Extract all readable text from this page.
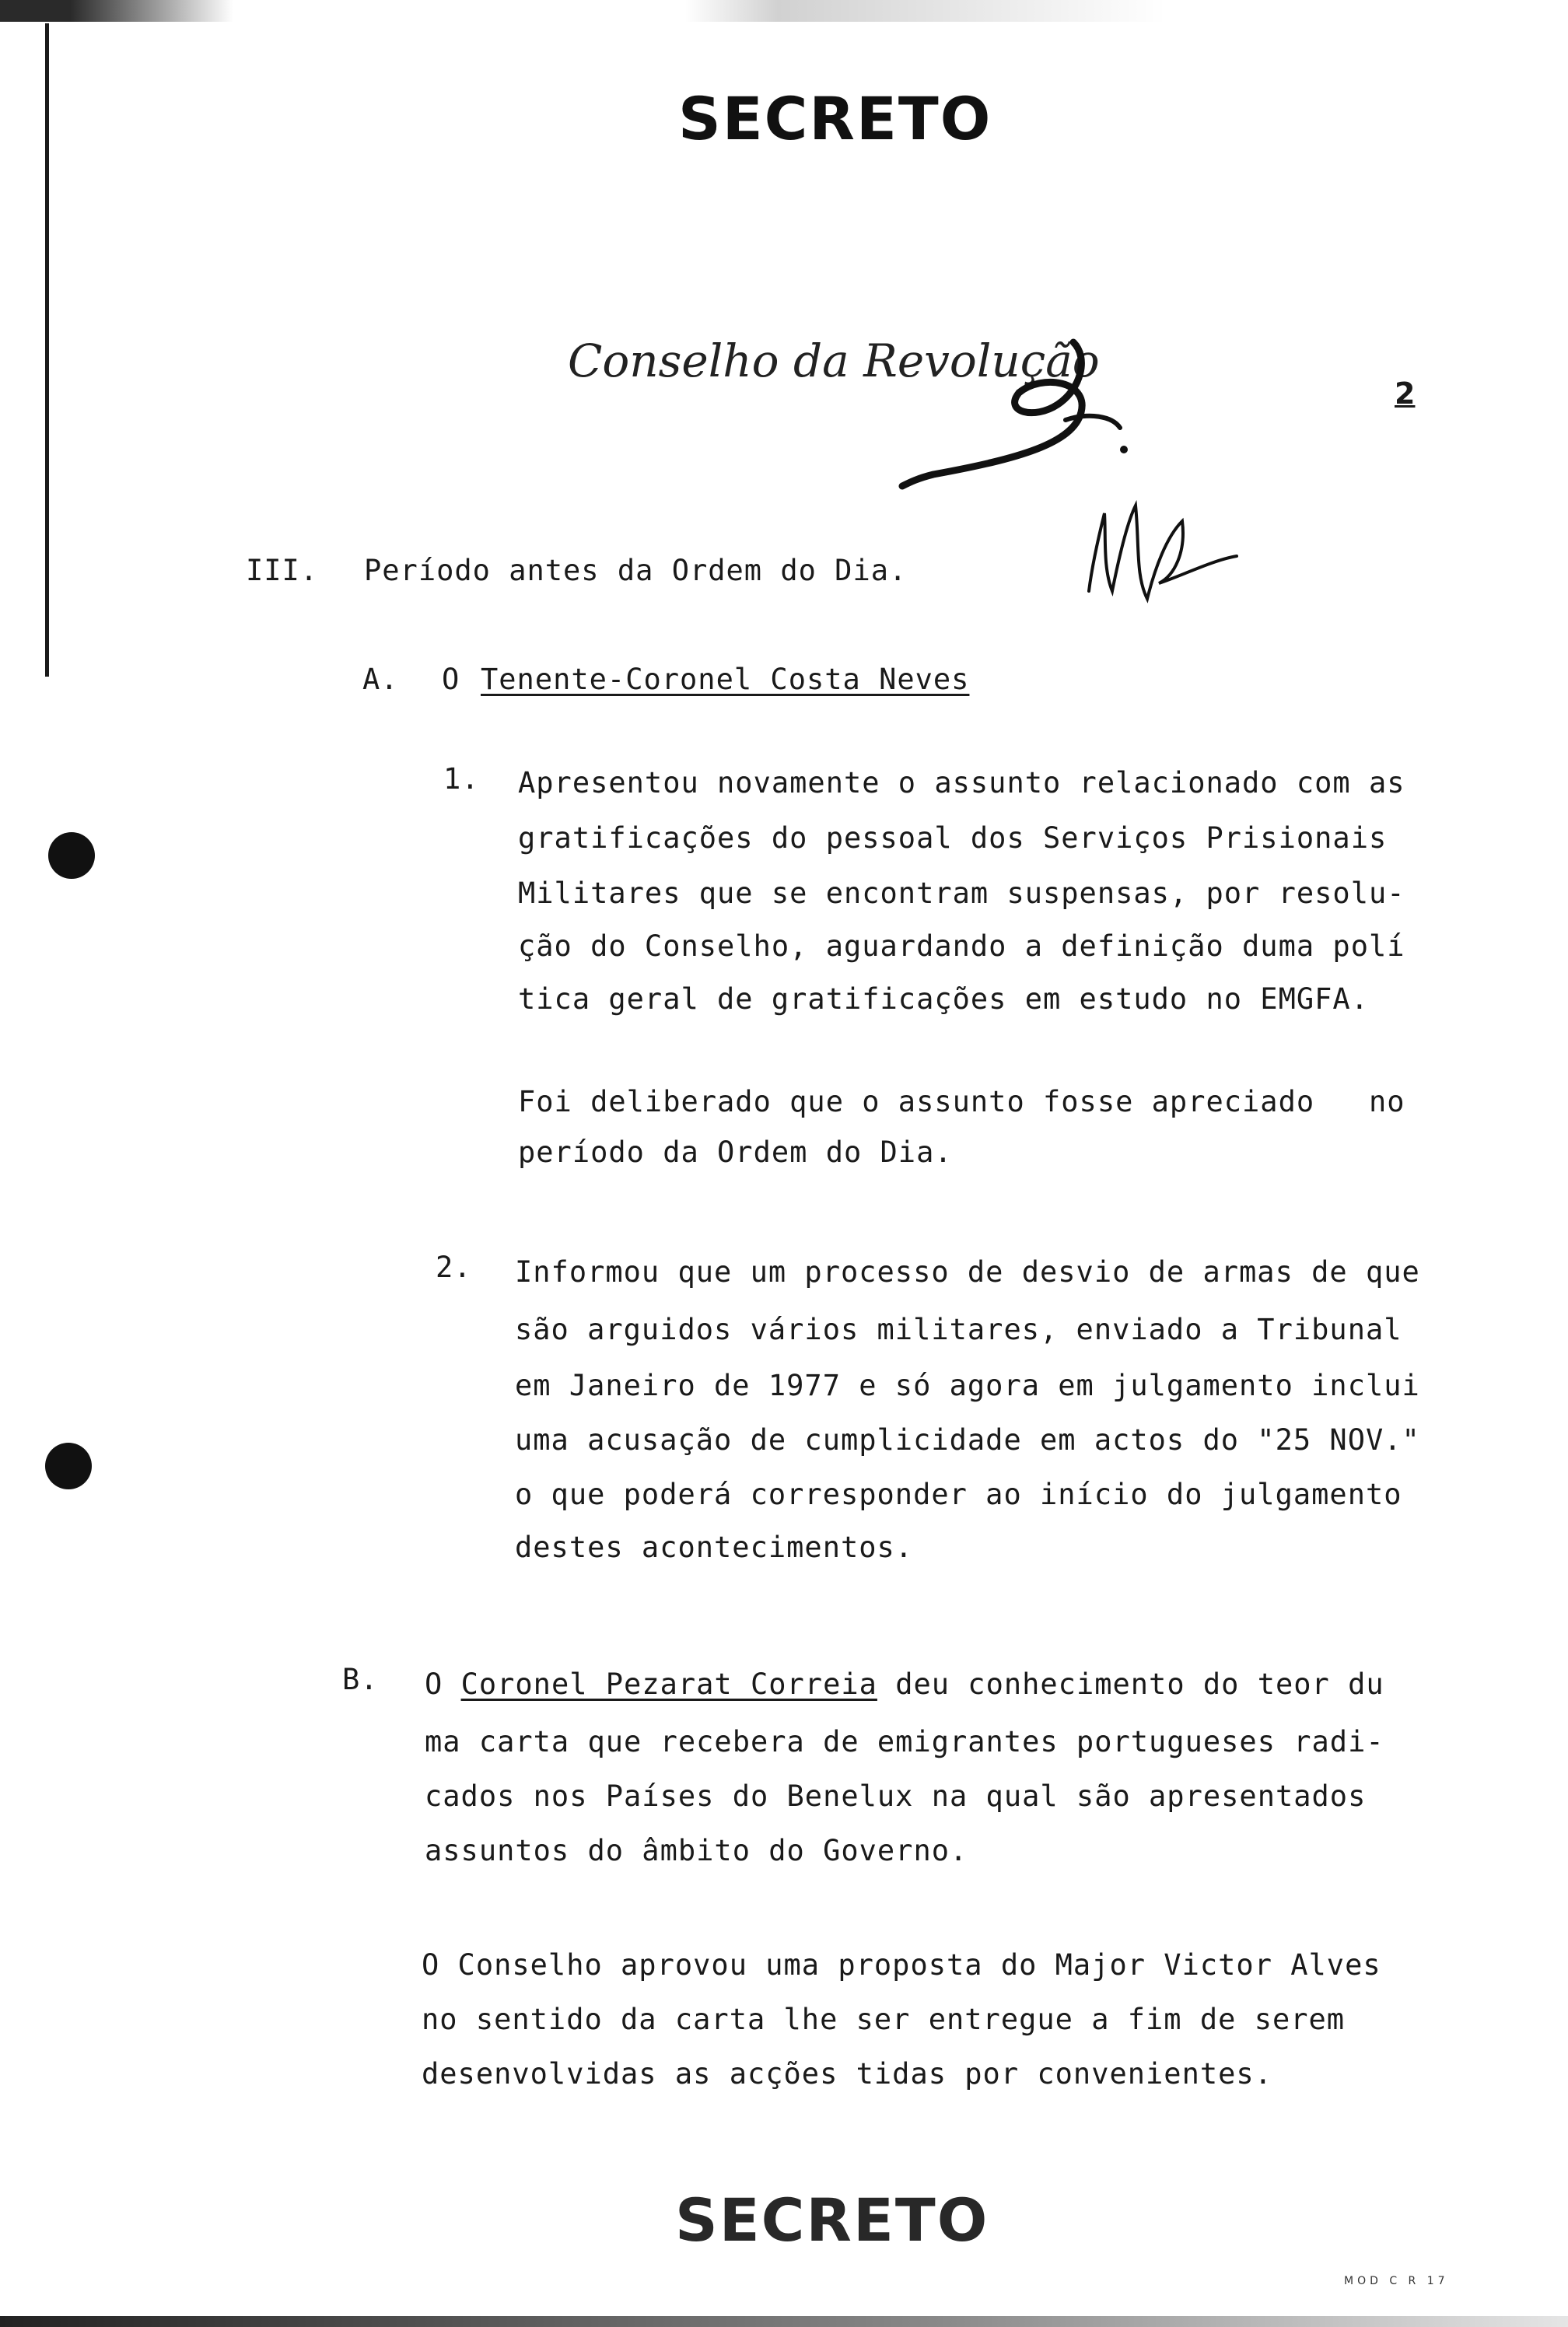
SECRETO
Conselho da Revolução
2
III. Período antes da Ordem do Dia.
A. O Tenente-Coronel Costa Neves
1. Apresentou novamente o assunto relacionado com as
gratificações do pessoal dos Serviços Prisionais
Militares que se encontram suspensas, por resolu-
ção do Conselho, aguardando a definição duma polí
tica geral de gratificações em estudo no EMGFA.
Foi deliberado que o assunto fosse apreciado   no
período da Ordem do Dia.
2. Informou que um processo de desvio de armas de que
são arguidos vários militares, enviado a Tribunal
em Janeiro de 1977 e só agora em julgamento inclui
uma acusação de cumplicidade em actos do "25 NOV."
o que poderá corresponder ao início do julgamento
destes acontecimentos.
B. O Coronel Pezarat Correia deu conhecimento do teor du
ma carta que recebera de emigrantes portugueses radi-
cados nos Países do Benelux na qual são apresentados
assuntos do âmbito do Governo.
O Conselho aprovou uma proposta do Major Victor Alves
no sentido da carta lhe ser entregue a fim de serem
desenvolvidas as acções tidas por convenientes.
SECRETO
MOD C R 17
